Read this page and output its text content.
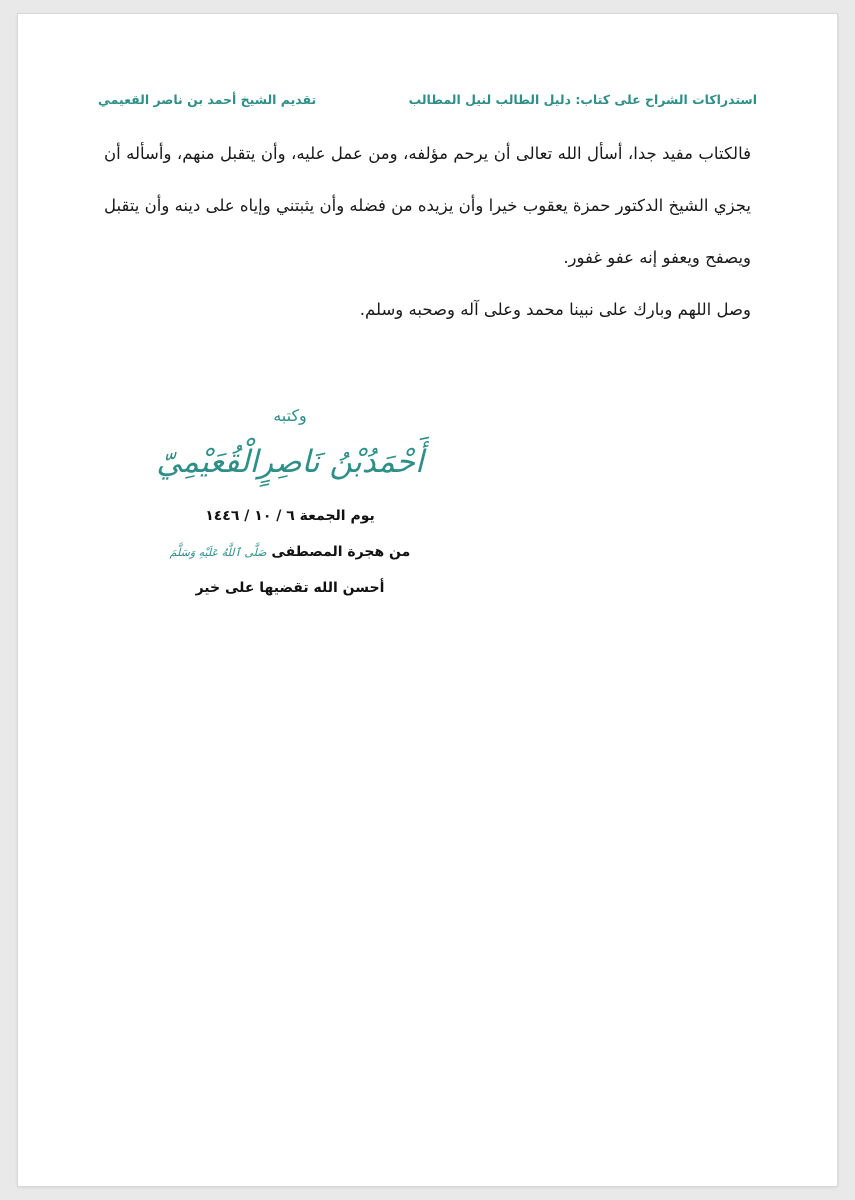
استدراكات الشراح على كتاب: دليل الطالب لنيل المطالب
تقديم الشيخ أحمد بن ناصر القعيمي

فالكتاب مفيد جدا، أسأل الله تعالى أن يرحم مؤلفه، ومن عمل عليه، وأن يتقبل منهم، وأسأله أن يجزي الشيخ الدكتور حمزة يعقوب خيرا وأن يزيده من فضله وأن يثبتني وإياه على دينه وأن يتقبل ويصفح ويعفو إنه عفو غفور.

وصل اللهم وبارك على نبينا محمد وعلى آله وصحبه وسلم.

وكتبه
أَحْمَدُبْنُ نَاصِرٍالْقُعَيْمِيّ
يوم الجمعة ٦ / ١٠ / ١٤٤٦
من هجرة المصطفى صَلَّى ٱللَّهُ عَلَيْهِ وَسَلَّمَ
أحسن الله تقضيها على خير
